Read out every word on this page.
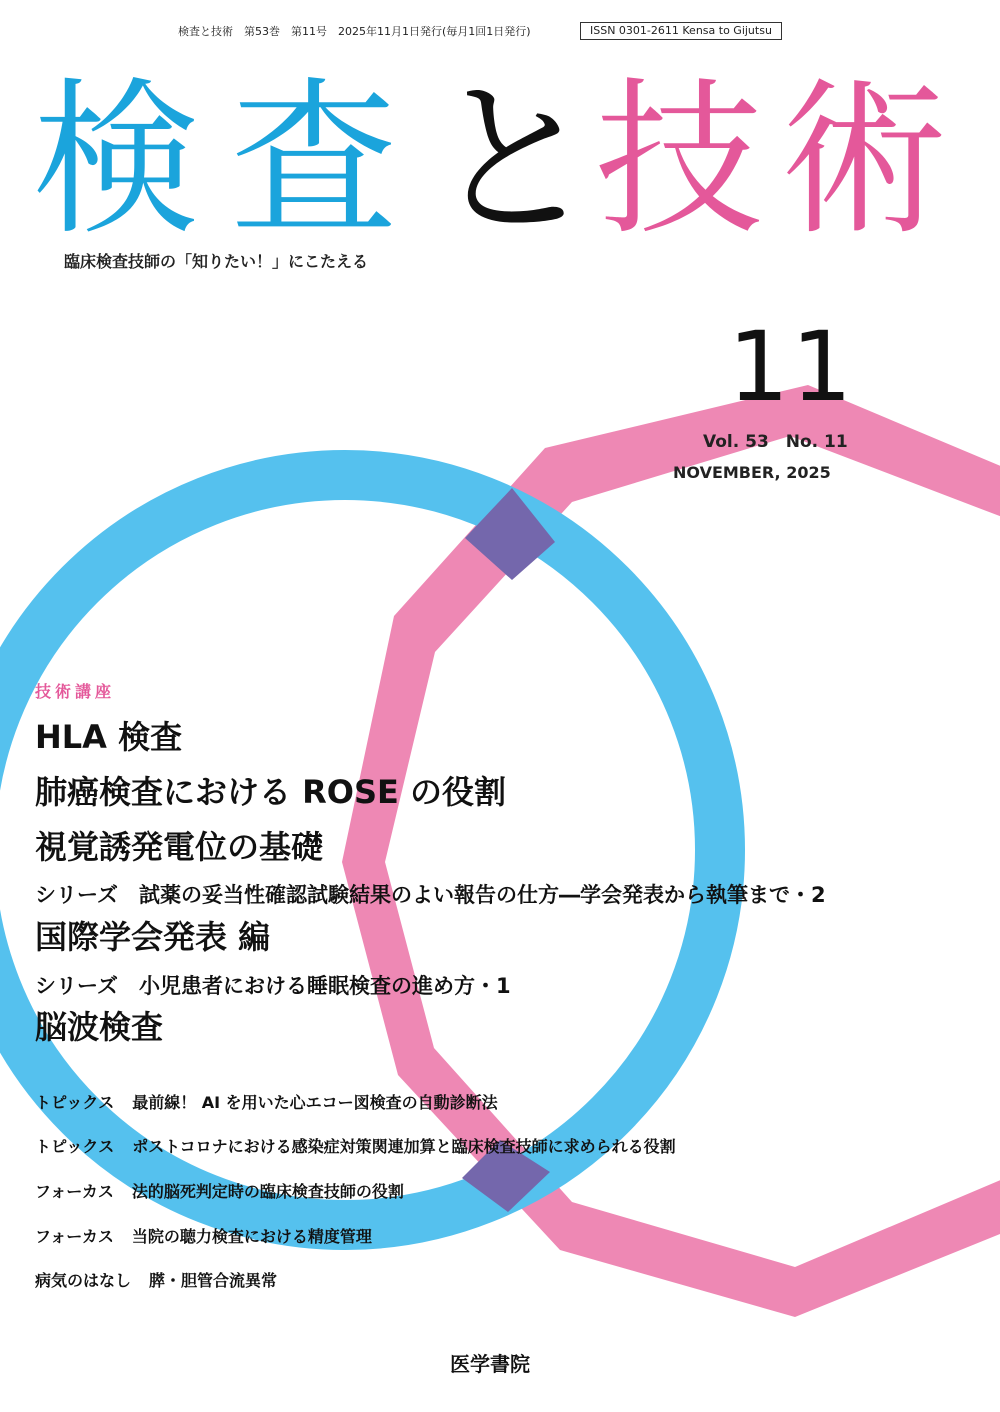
検査と技術　第53巻　第11号　2025年11月1日発行(毎月1回1日発行)	ISSN 0301-2611 Kensa to Gijutsu
検 査 と
技 術
臨床検査技師の「知りたい！」にこたえる
11
Vol. 53　No. 11
NOVEMBER, 2025
技術講座
HLA 検査
肺癌検査における ROSE の役割
視覚誘発電位の基礎
シリーズ　試薬の妥当性確認試験結果のよい報告の仕方―学会発表から執筆まで・2
国際学会発表 編
シリーズ　小児患者における睡眠検査の進め方・1
脳波検査
トピックス 最前線！ AI を用いた心エコー図検査の自動診断法
トピックス ポストコロナにおける感染症対策関連加算と臨床検査技師に求められる役割
フォーカス 法的脳死判定時の臨床検査技師の役割
フォーカス 当院の聴力検査における精度管理
病気のはなし 膵・胆管合流異常
医学書院
